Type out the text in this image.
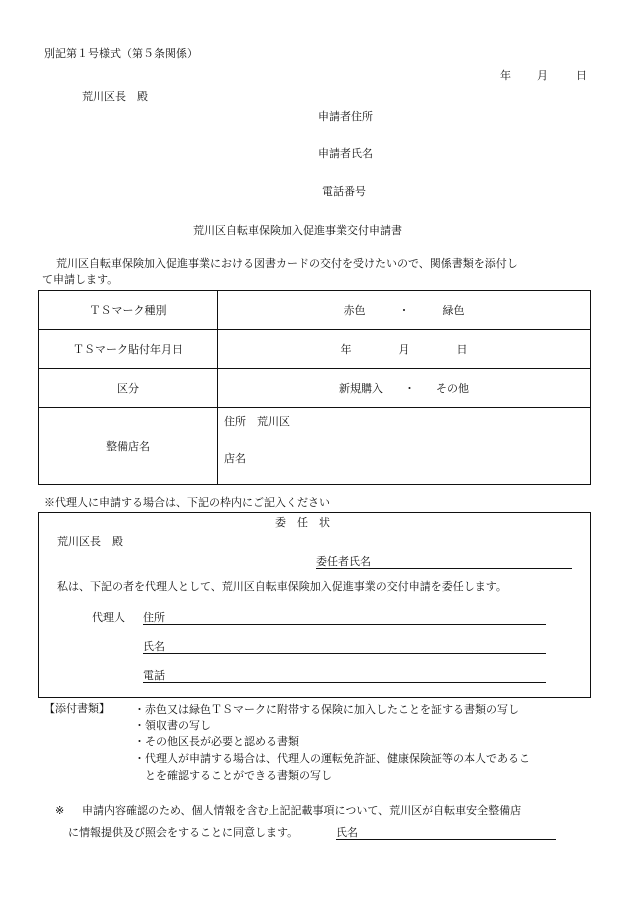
別記第１号様式（第５条関係）
年 月	日
荒川区長　殿
申請者住所
申請者氏名
電話番号
荒川区自転車保険加入促進事業交付申請書
荒川区自転車保険加入促進事業における図書カードの交付を受けたいので、関係書類を添付し
て申請します。
ＴＳマーク種別	赤色 ・ 緑色
ＴＳマーク貼付年月日	年 月 日
区分	新規購入 ・ その他
整備店名	住所　荒川区
店名
※代理人に申請する場合は、下記の枠内にご記入ください
委　任　状
荒川区長　殿
委任者氏名
私は、下記の者を代理人として、荒川区自転車保険加入促進事業の交付申請を委任します。
代理人 住所
氏名
電話
【添付書類】 ・赤色又は緑色ＴＳマークに附帯する保険に加入したことを証する書類の写し
・領収書の写し
・その他区長が必要と認める書類
・代理人が申請する場合は、代理人の運転免許証、健康保険証等の本人であるこ
　とを確認することができる書類の写し
※ 申請内容確認のため、個人情報を含む上記記載事項について、荒川区が自転車安全整備店
に情報提供及び照会をすることに同意します。	氏名
